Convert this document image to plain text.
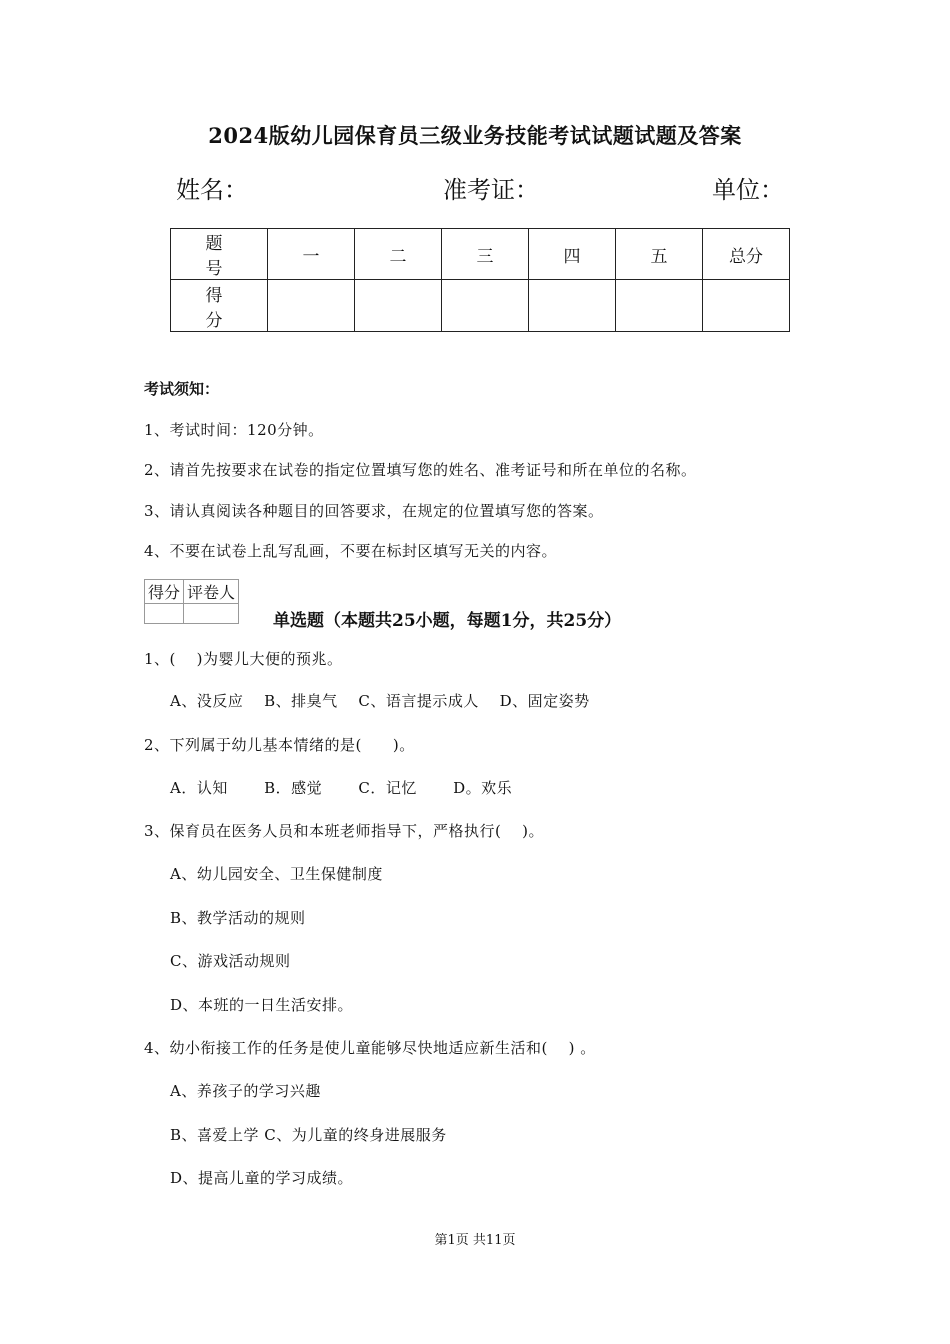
2024版幼儿园保育员三级业务技能考试试题试题及答案
姓名：	准考证：	单位：
题　号	一	二	三	四	五	总分
得　分						
考试须知：
1、考试时间：120分钟。
2、请首先按要求在试卷的指定位置填写您的姓名、准考证号和所在单位的名称。
3、请认真阅读各种题目的回答要求，在规定的位置填写您的答案。
4、不要在试卷上乱写乱画，不要在标封区填写无关的内容。
得分	评卷人

单选题（本题共25小题，每题1分，共25分）
1、(　 )为婴儿大便的预兆。
A、没反应　 B、排臭气　 C、语言提示成人　 D、固定姿势
2、下列属于幼儿基本情绪的是(　　)。
A．认知　　 B．感觉　　 C．记忆　　 D。欢乐
3、保育员在医务人员和本班老师指导下，严格执行(　 )。
A、幼儿园安全、卫生保健制度
B、教学活动的规则
C、游戏活动规则
D、本班的一日生活安排。
4、幼小衔接工作的任务是使儿童能够尽快地适应新生活和(　 ) 。
A、养孩子的学习兴趣
B、喜爱上学 C、为儿童的终身进展服务
D、提高儿童的学习成绩。
第1页 共11页
